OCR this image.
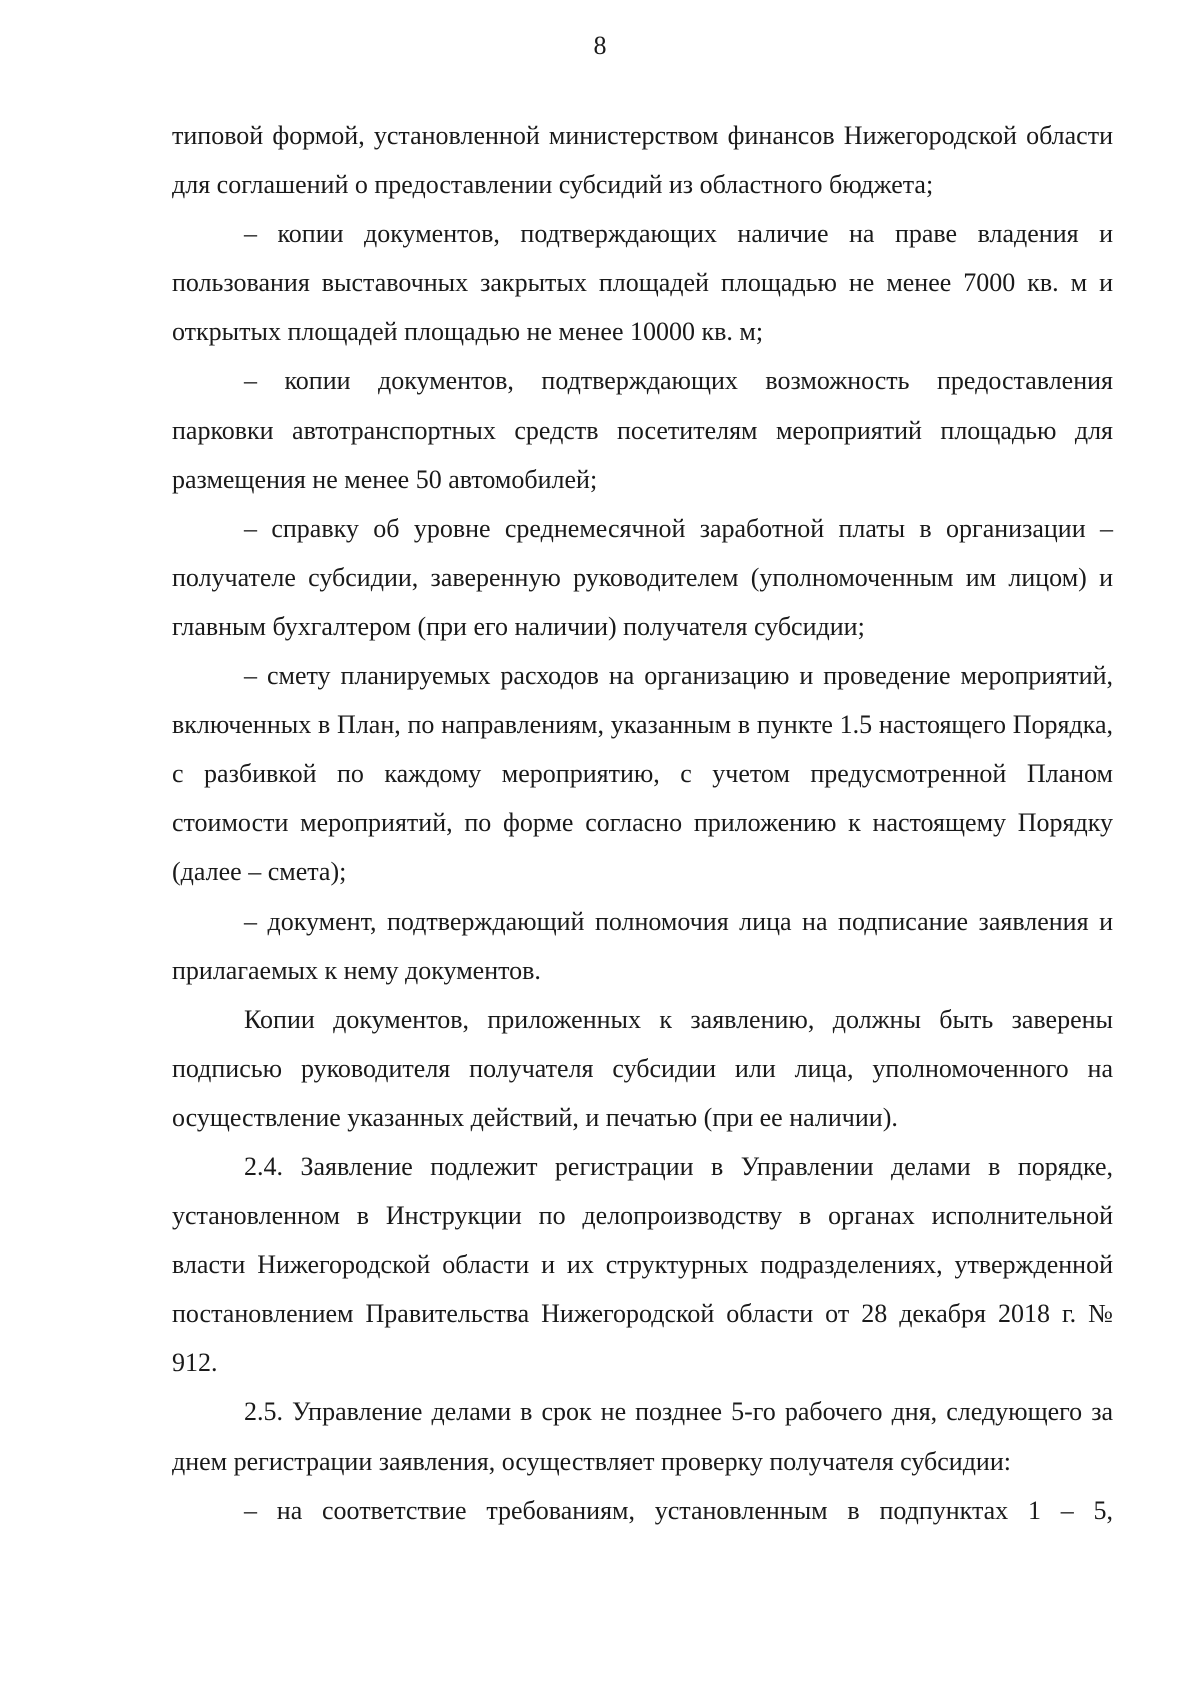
8

типовой формой, установленной министерством финансов Нижегородской области для соглашений о предоставлении субсидий из областного бюджета;

– копии документов, подтверждающих наличие на праве владения и пользования выставочных закрытых площадей площадью не менее 7000 кв. м и открытых площадей площадью не менее 10000 кв. м;

– копии документов, подтверждающих возможность предоставления парковки автотранспортных средств посетителям мероприятий площадью для размещения не менее 50 автомобилей;

– справку об уровне среднемесячной заработной платы в организации – получателе субсидии, заверенную руководителем (уполномоченным им лицом) и главным бухгалтером (при его наличии) получателя субсидии;

– смету планируемых расходов на организацию и проведение мероприятий, включенных в План, по направлениям, указанным в пункте 1.5 настоящего Порядка, с разбивкой по каждому мероприятию, с учетом предусмотренной Планом стоимости мероприятий, по форме согласно приложению к настоящему Порядку (далее – смета);

– документ, подтверждающий полномочия лица на подписание заявления и прилагаемых к нему документов.

Копии документов, приложенных к заявлению, должны быть заверены подписью руководителя получателя субсидии или лица, уполномоченного на осуществление указанных действий, и печатью (при ее наличии).

2.4. Заявление подлежит регистрации в Управлении делами в порядке, установленном в Инструкции по делопроизводству в органах исполнительной власти Нижегородской области и их структурных подразделениях, утвержденной постановлением Правительства Нижегородской области от 28 декабря 2018 г. № 912.

2.5. Управление делами в срок не позднее 5-го рабочего дня, следующего за днем регистрации заявления, осуществляет проверку получателя субсидии:

– на соответствие требованиям, установленным в подпунктах 1 – 5,
